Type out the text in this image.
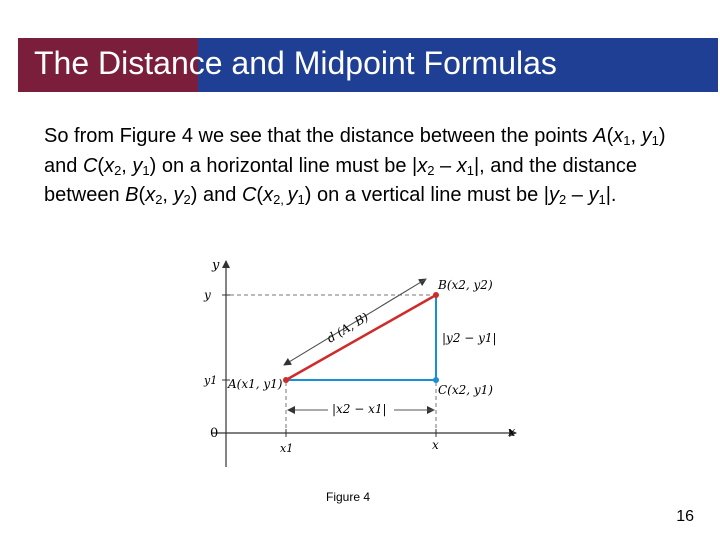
The Distance and Midpoint Formulas
So from Figure 4 we see that the distance between the points $A(x_1$, $y_1$) and $C(x_2$, $y_1$) on a horizontal line must be $|x_2 - x_1|$, and the distance between $B(x_2$, $y_2$) and $C(x_{2,}$ $y_1$) on a vertical line must be $|y_2 - y_1|$.
y
x
0
y
y1
x1	x
d (A, B)
|x2 − x1|
|y2 − y1|
A(x1, y1)
B(x2, y2)
C(x2, y1)
Figure 4
16
